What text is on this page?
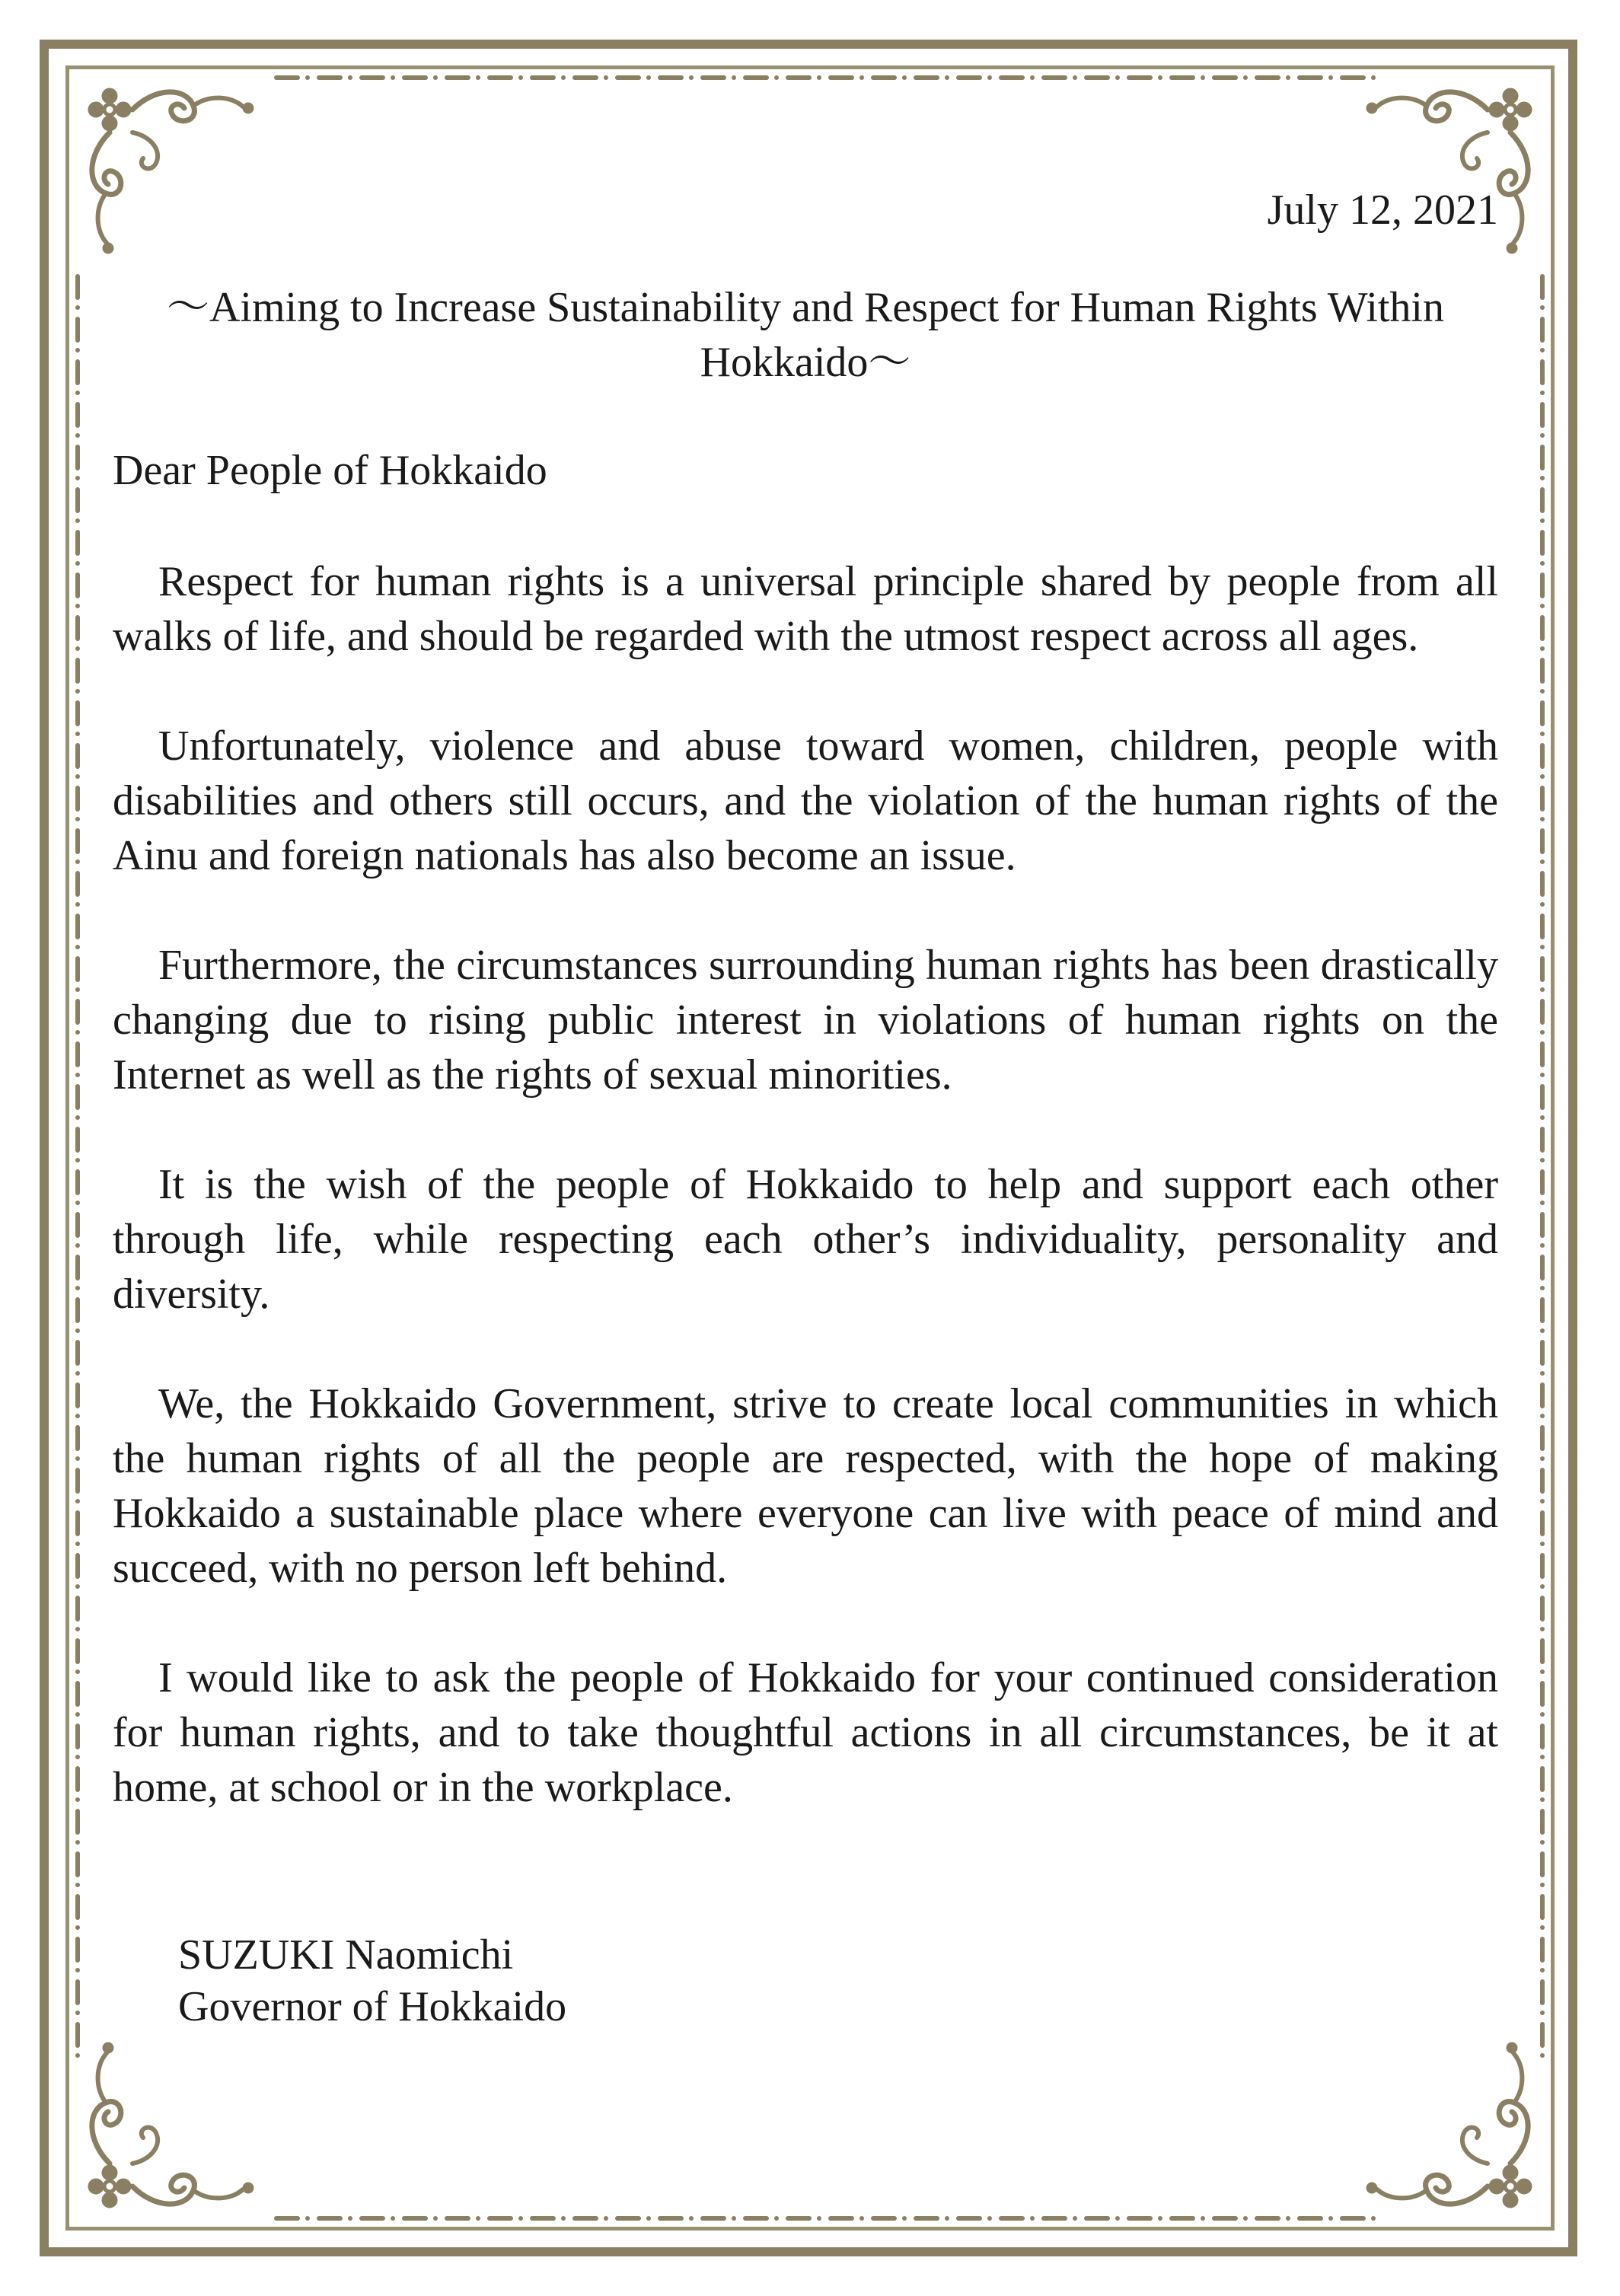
July 12, 2021
～Aiming to Increase Sustainability and Respect for Human Rights Within Hokkaido～
Dear People of Hokkaido

Respect for human rights is a universal principle shared by people from all walks of life, and should be regarded with the utmost respect across all ages.

Unfortunately, violence and abuse toward women, children, people with disabilities and others still occurs, and the violation of the human rights of the Ainu and foreign nationals has also become an issue.

Furthermore, the circumstances surrounding human rights has been drastically changing due to rising public interest in violations of human rights on the Internet as well as the rights of sexual minorities.

It is the wish of the people of Hokkaido to help and support each other through life, while respecting each other’s individuality, personality and diversity.

We, the Hokkaido Government, strive to create local communities in which the human rights of all the people are respected, with the hope of making Hokkaido a sustainable place where everyone can live with peace of mind and succeed, with no person left behind.

I would like to ask the people of Hokkaido for your continued consideration for human rights, and to take thoughtful actions in all circumstances, be it at home, at school or in the workplace.

SUZUKI Naomichi
Governor of Hokkaido
